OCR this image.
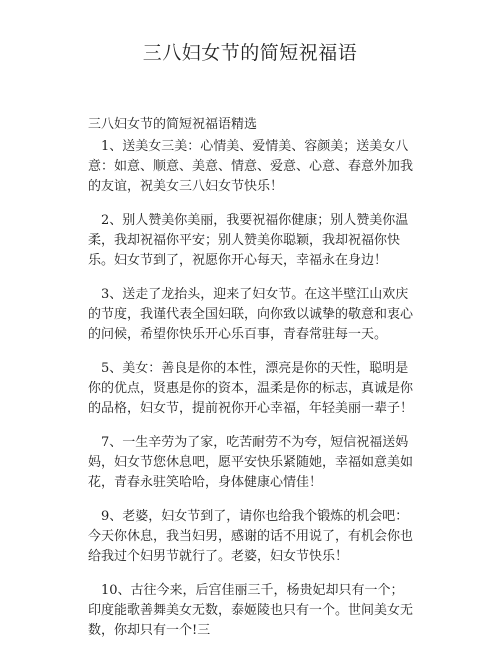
三八妇女节的简短祝福语

三八妇女节的简短祝福语精选

1、送美女三美：心情美、爱情美、容颜美；送美女八意：如意、顺意、美意、情意、爱意、心意、春意外加我的友谊，祝美女三八妇女节快乐！

2、别人赞美你美丽，我要祝福你健康；别人赞美你温柔，我却祝福你平安；别人赞美你聪颖，我却祝福你快乐。妇女节到了，祝愿你开心每天，幸福永在身边！

3、送走了龙抬头，迎来了妇女节。在这半壁江山欢庆的节度，我谨代表全国妇联，向你致以诚挚的敬意和衷心的问候，希望你快乐开心乐百事，青春常驻每一天。

5、美女：善良是你的本性，漂亮是你的天性，聪明是你的优点，贤惠是你的资本，温柔是你的标志，真诚是你的品格，妇女节，提前祝你开心幸福，年轻美丽一辈子！

7、一生辛劳为了家，吃苦耐劳不为夸，短信祝福送妈妈，妇女节您休息吧，愿平安快乐紧随她，幸福如意美如花，青春永驻笑哈哈，身体健康心情佳！

9、老婆，妇女节到了，请你也给我个锻炼的机会吧：今天你休息，我当妇男，感谢的话不用说了，有机会你也给我过个妇男节就行了。老婆，妇女节快乐！

10、古往今来，后宫佳丽三千，杨贵妃却只有一个；印度能歌善舞美女无数，泰姬陵也只有一个。世间美女无数，你却只有一个!三
